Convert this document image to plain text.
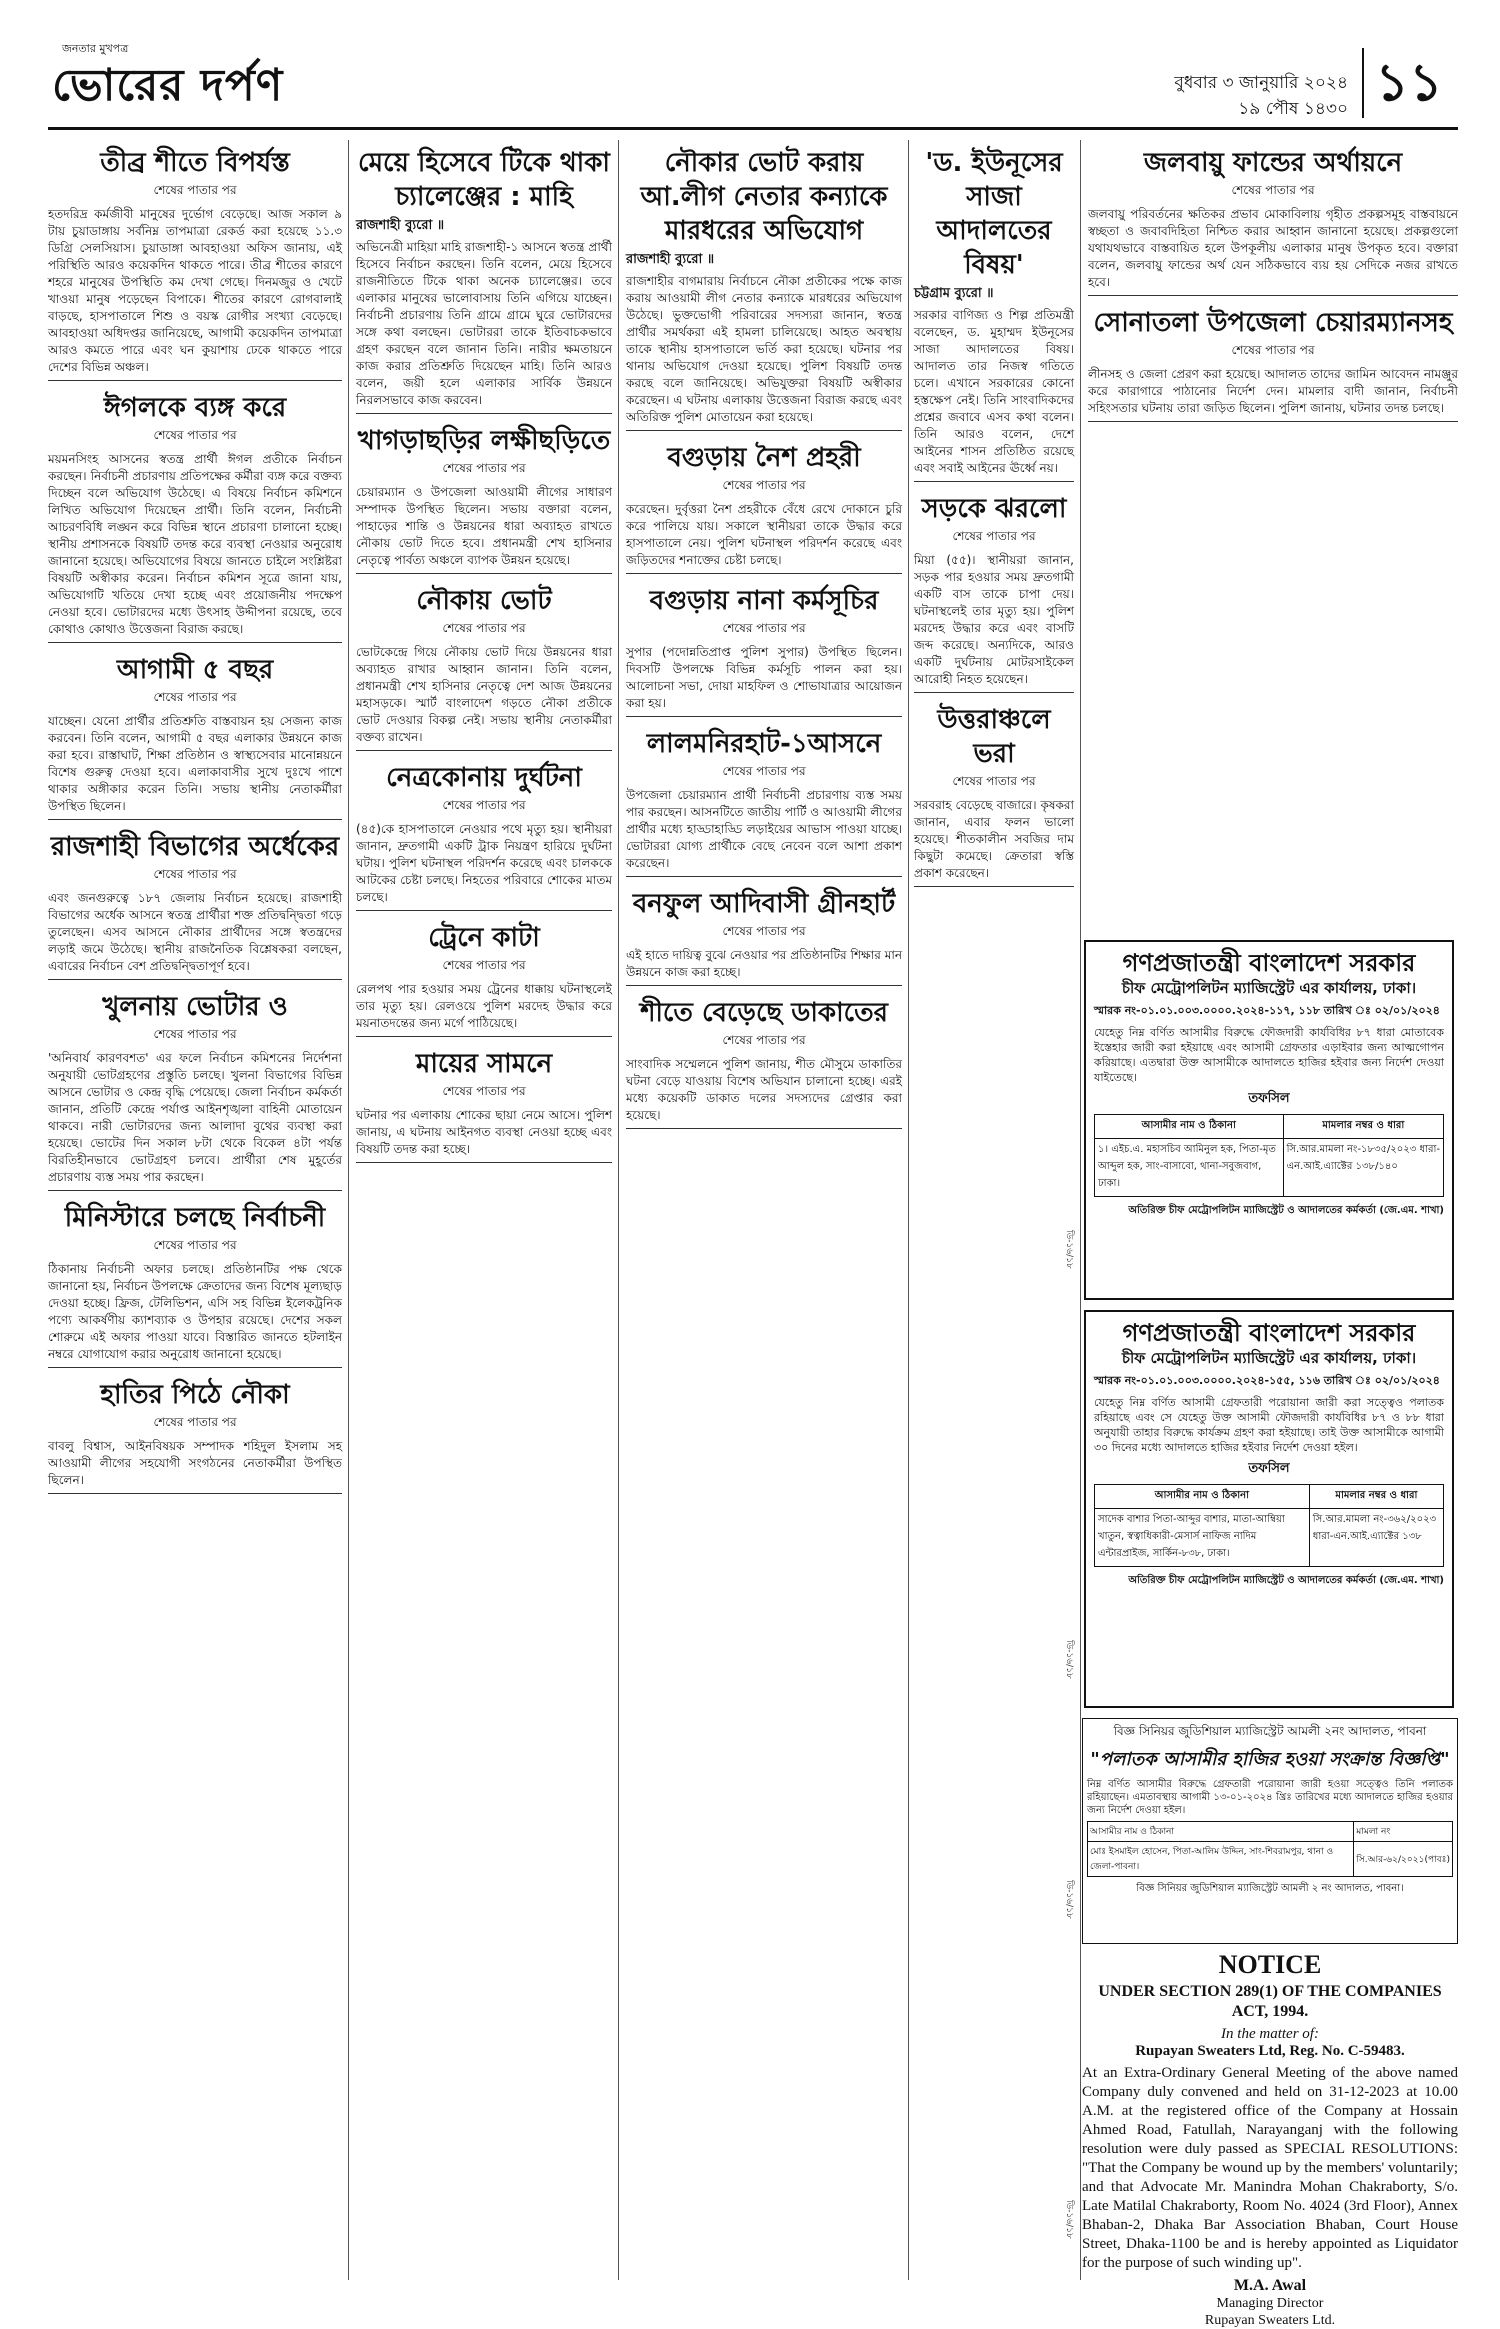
জনতার মুখপত্র
ভোরের দর্পণ	বুধবার ৩ জানুয়ারি ২০২৪
১৯ পৌষ ১৪৩০ ১১
তীব্র শীতে বিপর্যস্ত
শেষের পাতার পর

হতদরিদ্র কর্মজীবী মানুষের দুর্ভোগ বেড়েছে। আজ সকাল ৯ টায় চুয়াডাঙ্গায় সর্বনিম্ন তাপমাত্রা রেকর্ড করা হয়েছে ১১.৩ ডিগ্রি সেলসিয়াস। চুয়াডাঙ্গা আবহাওয়া অফিস জানায়, এই পরিস্থিতি আরও কয়েকদিন থাকতে পারে। তীব্র শীতের কারণে শহরে মানুষের উপস্থিতি কম দেখা গেছে। দিনমজুর ও খেটে খাওয়া মানুষ পড়েছেন বিপাকে। শীতের কারণে রোগবালাই বাড়ছে, হাসপাতালে শিশু ও বয়স্ক রোগীর সংখ্যা বেড়েছে। আবহাওয়া অধিদপ্তর জানিয়েছে, আগামী কয়েকদিন তাপমাত্রা আরও কমতে পারে এবং ঘন কুয়াশায় ঢেকে থাকতে পারে দেশের বিভিন্ন অঞ্চল।

ঈগলকে ব্যঙ্গ করে
শেষের পাতার পর

ময়মনসিংহ আসনের স্বতন্ত্র প্রার্থী ঈগল প্রতীকে নির্বাচন করছেন। নির্বাচনী প্রচারণায় প্রতিপক্ষের কর্মীরা ব্যঙ্গ করে বক্তব্য দিচ্ছেন বলে অভিযোগ উঠেছে। এ বিষয়ে নির্বাচন কমিশনে লিখিত অভিযোগ দিয়েছেন প্রার্থী। তিনি বলেন, নির্বাচনী আচরণবিধি লঙ্ঘন করে বিভিন্ন স্থানে প্রচারণা চালানো হচ্ছে। স্থানীয় প্রশাসনকে বিষয়টি তদন্ত করে ব্যবস্থা নেওয়ার অনুরোধ জানানো হয়েছে। অভিযোগের বিষয়ে জানতে চাইলে সংশ্লিষ্টরা বিষয়টি অস্বীকার করেন। নির্বাচন কমিশন সূত্রে জানা যায়, অভিযোগটি খতিয়ে দেখা হচ্ছে এবং প্রয়োজনীয় পদক্ষেপ নেওয়া হবে। ভোটারদের মধ্যে উৎসাহ উদ্দীপনা রয়েছে, তবে কোথাও কোথাও উত্তেজনা বিরাজ করছে।

আগামী ৫ বছর
শেষের পাতার পর

যাচ্ছেন। যেনো প্রার্থীর প্রতিশ্রুতি বাস্তবায়ন হয় সেজন্য কাজ করবেন। তিনি বলেন, আগামী ৫ বছর এলাকার উন্নয়নে কাজ করা হবে। রাস্তাঘাট, শিক্ষা প্রতিষ্ঠান ও স্বাস্থ্যসেবার মানোন্নয়নে বিশেষ গুরুত্ব দেওয়া হবে। এলাকাবাসীর সুখে দুঃখে পাশে থাকার অঙ্গীকার করেন তিনি। সভায় স্থানীয় নেতাকর্মীরা উপস্থিত ছিলেন।

রাজশাহী বিভাগের অর্ধেকের
শেষের পাতার পর

এবং জনগুরুত্বে ১৮৭ জেলায় নির্বাচন হয়েছে। রাজশাহী বিভাগের অর্ধেক আসনে স্বতন্ত্র প্রার্থীরা শক্ত প্রতিদ্বন্দ্বিতা গড়ে তুলেছেন। এসব আসনে নৌকার প্রার্থীদের সঙ্গে স্বতন্ত্রদের লড়াই জমে উঠেছে। স্থানীয় রাজনৈতিক বিশ্লেষকরা বলছেন, এবারের নির্বাচন বেশ প্রতিদ্বন্দ্বিতাপূর্ণ হবে।

খুলনায় ভোটার ও
শেষের পাতার পর

'অনিবার্য কারণবশত' এর ফলে নির্বাচন কমিশনের নির্দেশনা অনুযায়ী ভোটগ্রহণের প্রস্তুতি চলছে। খুলনা বিভাগের বিভিন্ন আসনে ভোটার ও কেন্দ্র বৃদ্ধি পেয়েছে। জেলা নির্বাচন কর্মকর্তা জানান, প্রতিটি কেন্দ্রে পর্যাপ্ত আইনশৃঙ্খলা বাহিনী মোতায়েন থাকবে। নারী ভোটারদের জন্য আলাদা বুথের ব্যবস্থা করা হয়েছে। ভোটের দিন সকাল ৮টা থেকে বিকেল ৪টা পর্যন্ত বিরতিহীনভাবে ভোটগ্রহণ চলবে। প্রার্থীরা শেষ মুহূর্তের প্রচারণায় ব্যস্ত সময় পার করছেন।

মিনিস্টারে চলছে নির্বাচনী
শেষের পাতার পর

ঠিকানায় নির্বাচনী অফার চলছে। প্রতিষ্ঠানটির পক্ষ থেকে জানানো হয়, নির্বাচন উপলক্ষে ক্রেতাদের জন্য বিশেষ মূল্যছাড় দেওয়া হচ্ছে। ফ্রিজ, টেলিভিশন, এসি সহ বিভিন্ন ইলেকট্রনিক পণ্যে আকর্ষণীয় ক্যাশব্যাক ও উপহার রয়েছে। দেশের সকল শোরুমে এই অফার পাওয়া যাবে। বিস্তারিত জানতে হটলাইন নম্বরে যোগাযোগ করার অনুরোধ জানানো হয়েছে।

হাতির পিঠে নৌকা
শেষের পাতার পর

বাবলু বিশ্বাস, আইনবিষয়ক সম্পাদক শহিদুল ইসলাম সহ আওয়ামী লীগের সহযোগী সংগঠনের নেতাকর্মীরা উপস্থিত ছিলেন।

মেয়ে হিসেবে টিকে থাকা চ্যালেঞ্জের : মাহি
রাজশাহী ব্যুরো ॥

অভিনেত্রী মাহিয়া মাহি রাজশাহী-১ আসনে স্বতন্ত্র প্রার্থী হিসেবে নির্বাচন করছেন। তিনি বলেন, মেয়ে হিসেবে রাজনীতিতে টিকে থাকা অনেক চ্যালেঞ্জের। তবে এলাকার মানুষের ভালোবাসায় তিনি এগিয়ে যাচ্ছেন। নির্বাচনী প্রচারণায় তিনি গ্রামে গ্রামে ঘুরে ভোটারদের সঙ্গে কথা বলছেন। ভোটাররা তাকে ইতিবাচকভাবে গ্রহণ করছেন বলে জানান তিনি। নারীর ক্ষমতায়নে কাজ করার প্রতিশ্রুতি দিয়েছেন মাহি। তিনি আরও বলেন, জয়ী হলে এলাকার সার্বিক উন্নয়নে নিরলসভাবে কাজ করবেন।

খাগড়াছড়ির লক্ষীছড়িতে
শেষের পাতার পর

চেয়ারম্যান ও উপজেলা আওয়ামী লীগের সাধারণ সম্পাদক উপস্থিত ছিলেন। সভায় বক্তারা বলেন, পাহাড়ের শান্তি ও উন্নয়নের ধারা অব্যাহত রাখতে নৌকায় ভোট দিতে হবে। প্রধানমন্ত্রী শেখ হাসিনার নেতৃত্বে পার্বত্য অঞ্চলে ব্যাপক উন্নয়ন হয়েছে।

নৌকায় ভোট
শেষের পাতার পর

ভোটকেন্দ্রে গিয়ে নৌকায় ভোট দিয়ে উন্নয়নের ধারা অব্যাহত রাখার আহ্বান জানান। তিনি বলেন, প্রধানমন্ত্রী শেখ হাসিনার নেতৃত্বে দেশ আজ উন্নয়নের মহাসড়কে। স্মার্ট বাংলাদেশ গড়তে নৌকা প্রতীকে ভোট দেওয়ার বিকল্প নেই। সভায় স্থানীয় নেতাকর্মীরা বক্তব্য রাখেন।

নেত্রকোনায় দুর্ঘটনা
শেষের পাতার পর

(৪৫)কে হাসপাতালে নেওয়ার পথে মৃত্যু হয়। স্থানীয়রা জানান, দ্রুতগামী একটি ট্রাক নিয়ন্ত্রণ হারিয়ে দুর্ঘটনা ঘটায়। পুলিশ ঘটনাস্থল পরিদর্শন করেছে এবং চালককে আটকের চেষ্টা চলছে। নিহতের পরিবারে শোকের মাতম চলছে।

ট্রেনে কাটা
শেষের পাতার পর

রেলপথ পার হওয়ার সময় ট্রেনের ধাক্কায় ঘটনাস্থলেই তার মৃত্যু হয়। রেলওয়ে পুলিশ মরদেহ উদ্ধার করে ময়নাতদন্তের জন্য মর্গে পাঠিয়েছে।

মায়ের সামনে
শেষের পাতার পর

ঘটনার পর এলাকায় শোকের ছায়া নেমে আসে। পুলিশ জানায়, এ ঘটনায় আইনগত ব্যবস্থা নেওয়া হচ্ছে এবং বিষয়টি তদন্ত করা হচ্ছে।

নৌকার ভোট করায় আ.লীগ নেতার কন্যাকে মারধরের অভিযোগ
রাজশাহী ব্যুরো ॥

রাজশাহীর বাগমারায় নির্বাচনে নৌকা প্রতীকের পক্ষে কাজ করায় আওয়ামী লীগ নেতার কন্যাকে মারধরের অভিযোগ উঠেছে। ভুক্তভোগী পরিবারের সদস্যরা জানান, স্বতন্ত্র প্রার্থীর সমর্থকরা এই হামলা চালিয়েছে। আহত অবস্থায় তাকে স্থানীয় হাসপাতালে ভর্তি করা হয়েছে। ঘটনার পর থানায় অভিযোগ দেওয়া হয়েছে। পুলিশ বিষয়টি তদন্ত করছে বলে জানিয়েছে। অভিযুক্তরা বিষয়টি অস্বীকার করেছেন। এ ঘটনায় এলাকায় উত্তেজনা বিরাজ করছে এবং অতিরিক্ত পুলিশ মোতায়েন করা হয়েছে।

বগুড়ায় নৈশ প্রহরী
শেষের পাতার পর

করেছেন। দুর্বৃত্তরা নৈশ প্রহরীকে বেঁধে রেখে দোকানে চুরি করে পালিয়ে যায়। সকালে স্থানীয়রা তাকে উদ্ধার করে হাসপাতালে নেয়। পুলিশ ঘটনাস্থল পরিদর্শন করেছে এবং জড়িতদের শনাক্তের চেষ্টা চলছে।

বগুড়ায় নানা কর্মসূচির
শেষের পাতার পর

সুপার (পদোন্নতিপ্রাপ্ত পুলিশ সুপার) উপস্থিত ছিলেন। দিবসটি উপলক্ষে বিভিন্ন কর্মসূচি পালন করা হয়। আলোচনা সভা, দোয়া মাহফিল ও শোভাযাত্রার আয়োজন করা হয়।

লালমনিরহাট-১আসনে
শেষের পাতার পর

উপজেলা চেয়ারম্যান প্রার্থী নির্বাচনী প্রচারণায় ব্যস্ত সময় পার করছেন। আসনটিতে জাতীয় পার্টি ও আওয়ামী লীগের প্রার্থীর মধ্যে হাড্ডাহাড্ডি লড়াইয়ের আভাস পাওয়া যাচ্ছে। ভোটাররা যোগ্য প্রার্থীকে বেছে নেবেন বলে আশা প্রকাশ করেছেন।

বনফুল আদিবাসী গ্রীনহার্ট
শেষের পাতার পর

এই হাতে দায়িত্ব বুঝে নেওয়ার পর প্রতিষ্ঠানটির শিক্ষার মান উন্নয়নে কাজ করা হচ্ছে।

শীতে বেড়েছে ডাকাতের
শেষের পাতার পর

সাংবাদিক সম্মেলনে পুলিশ জানায়, শীত মৌসুমে ডাকাতির ঘটনা বেড়ে যাওয়ায় বিশেষ অভিযান চালানো হচ্ছে। এরই মধ্যে কয়েকটি ডাকাত দলের সদস্যদের গ্রেপ্তার করা হয়েছে।

'ড. ইউনূসের সাজা আদালতের বিষয়'
চট্টগ্রাম ব্যুরো ॥

সরকার বাণিজ্য ও শিল্প প্রতিমন্ত্রী বলেছেন, ড. মুহাম্মদ ইউনূসের সাজা আদালতের বিষয়। আদালত তার নিজস্ব গতিতে চলে। এখানে সরকারের কোনো হস্তক্ষেপ নেই। তিনি সাংবাদিকদের প্রশ্নের জবাবে এসব কথা বলেন। তিনি আরও বলেন, দেশে আইনের শাসন প্রতিষ্ঠিত রয়েছে এবং সবাই আইনের ঊর্ধ্বে নয়।

সড়কে ঝরলো
শেষের পাতার পর

মিয়া (৫৫)। স্থানীয়রা জানান, সড়ক পার হওয়ার সময় দ্রুতগামী একটি বাস তাকে চাপা দেয়। ঘটনাস্থলেই তার মৃত্যু হয়। পুলিশ মরদেহ উদ্ধার করে এবং বাসটি জব্দ করেছে। অন্যদিকে, আরও একটি দুর্ঘটনায় মোটরসাইকেল আরোহী নিহত হয়েছেন।

উত্তরাঞ্চলে ভরা
শেষের পাতার পর

সরবরাহ বেড়েছে বাজারে। কৃষকরা জানান, এবার ফলন ভালো হয়েছে। শীতকালীন সবজির দাম কিছুটা কমেছে। ক্রেতারা স্বস্তি প্রকাশ করেছেন।

জলবায়ু ফান্ডের অর্থায়নে
শেষের পাতার পর

জলবায়ু পরিবর্তনের ক্ষতিকর প্রভাব মোকাবিলায় গৃহীত প্রকল্পসমূহ বাস্তবায়নে স্বচ্ছতা ও জবাবদিহিতা নিশ্চিত করার আহ্বান জানানো হয়েছে। প্রকল্পগুলো যথাযথভাবে বাস্তবায়িত হলে উপকূলীয় এলাকার মানুষ উপকৃত হবে। বক্তারা বলেন, জলবায়ু ফান্ডের অর্থ যেন সঠিকভাবে ব্যয় হয় সেদিকে নজর রাখতে হবে।

সোনাতলা উপজেলা চেয়ারম্যানসহ
শেষের পাতার পর

লীনসহ ও জেলা প্রেরণ করা হয়েছে। আদালত তাদের জামিন আবেদন নামঞ্জুর করে কারাগারে পাঠানোর নির্দেশ দেন। মামলার বাদী জানান, নির্বাচনী সহিংসতার ঘটনায় তারা জড়িত ছিলেন। পুলিশ জানায়, ঘটনার তদন্ত চলছে।

গণপ্রজাতন্ত্রী বাংলাদেশ সরকার
চীফ মেট্রোপলিটন ম্যাজিস্ট্রেট এর কার্যালয়, ঢাকা।
স্মারক নং-০১.০১.০০৩.০০০০.২০২৪-১১৭, ১১৮ তারিখ ঃ ০২/০১/২০২৪
যেহেতু নিম্ন বর্ণিত আসামীর বিরুদ্ধে ফৌজদারী কার্যবিধির ৮৭ ধারা মোতাবেক ইস্তেহার জারী করা হইয়াছে এবং আসামী গ্রেফতার এড়াইবার জন্য আত্মগোপন করিয়াছে। এতদ্বারা উক্ত আসামীকে আদালতে হাজির হইবার জন্য নির্দেশ দেওয়া যাইতেছে।
তফসিল
আসামীর নাম ও ঠিকানা	মামলার নম্বর ও ধারা
১। এইচ.এ. মহাসচিব আমিনুল হক, পিতা-মৃত আব্দুল হক, সাং-বাসাবো, থানা-সবুজবাগ, ঢাকা।	সি.আর.মামলা নং-১৮৩৫/২০২৩ ধারা-এন.আই.এ্যাক্টের ১৩৮/১৪০
অতিরিক্ত চীফ মেট্রোপলিটন ম্যাজিস্ট্রেট ও আদালতের কর্মকর্তা (জে.এম. শাখা)
গণপ্রজাতন্ত্রী বাংলাদেশ সরকার
চীফ মেট্রোপলিটন ম্যাজিস্ট্রেট এর কার্যালয়, ঢাকা।
স্মারক নং-০১.০১.০০৩.০০০০.২০২৪-১৫৫, ১১৬ তারিখ ঃ ০২/০১/২০২৪
যেহেতু নিম্ন বর্ণিত আসামী গ্রেফতারী পরোয়ানা জারী করা সত্ত্বেও পলাতক রহিয়াছে এবং সে যেহেতু উক্ত আসামী ফৌজদারী কার্যবিধির ৮৭ ও ৮৮ ধারা অনুযায়ী তাহার বিরুদ্ধে কার্যক্রম গ্রহণ করা হইয়াছে। তাই উক্ত আসামীকে আগামী ৩০ দিনের মধ্যে আদালতে হাজির হইবার নির্দেশ দেওয়া হইল।
তফসিল
আসামীর নাম ও ঠিকানা	মামলার নম্বর ও ধারা
সাদেক বাশার পিতা-আব্দুর বাশার, মাতা-আম্বিয়া খাতুন, স্বত্বাধিকারী-মেসার্স নাফিজ নাদিম এন্টারপ্রাইজ, সার্কিন-৮৩৮, ঢাকা।	সি.আর.মামলা নং-৩৬২/২০২৩ ধারা-এন.আই.এ্যাক্টের ১৩৮
অতিরিক্ত চীফ মেট্রোপলিটন ম্যাজিস্ট্রেট ও আদালতের কর্মকর্তা (জে.এম. শাখা)
বিজ্ঞ সিনিয়র জুডিশিয়াল ম্যাজিস্ট্রেট আমলী ২নং আদালত, পাবনা
"পলাতক আসামীর হাজির হওয়া সংক্রান্ত বিজ্ঞপ্তি"
নিম্ন বর্ণিত আসামীর বিরুদ্ধে গ্রেফতারী পরোয়ানা জারী হওয়া সত্ত্বেও তিনি পলাতক রহিয়াছেন। এমতাবস্থায় আগামী ১৩-০১-২০২৪ খ্রিঃ তারিখের মধ্যে আদালতে হাজির হওয়ার জন্য নির্দেশ দেওয়া হইল।
আসামীর নাম ও ঠিকানা	মামলা নং
মোঃ ইসমাইল হোসেন, পিতা-আলিম উদ্দিন, সাং-শিবরামপুর, থানা ও জেলা-পাবনা।	সি.আর-৬২/২০২১(পাবঃ)
বিজ্ঞ সিনিয়র জুডিশিয়াল ম্যাজিস্ট্রেট আমলী ২ নং আদালত, পাবনা।
NOTICE
UNDER SECTION 289(1) OF THE COMPANIES ACT, 1994.
In the matter of:
Rupayan Sweaters Ltd, Reg. No. C-59483.
At an Extra-Ordinary General Meeting of the above named Company duly convened and held on 31-12-2023 at 10.00 A.M. at the registered office of the Company at Hossain Ahmed Road, Fatullah, Narayanganj with the following resolution were duly passed as SPECIAL RESOLUTIONS: "That the Company be wound up by the members' voluntarily; and that Advocate Mr. Manindra Mohan Chakraborty, S/o. Late Matilal Chakraborty, Room No. 4024 (3rd Floor), Annex Bhaban-2, Dhaka Bar Association Bhaban, Court House Street, Dhaka-1100 be and is hereby appointed as Liquidator for the purpose of such winding up".
M.A. Awal
Managing Director
Rupayan Sweaters Ltd.
ডি-১৬/১৮
ডি-১৬/১৮
ডি-১৬/১৮
ডি-১৬/১৮
